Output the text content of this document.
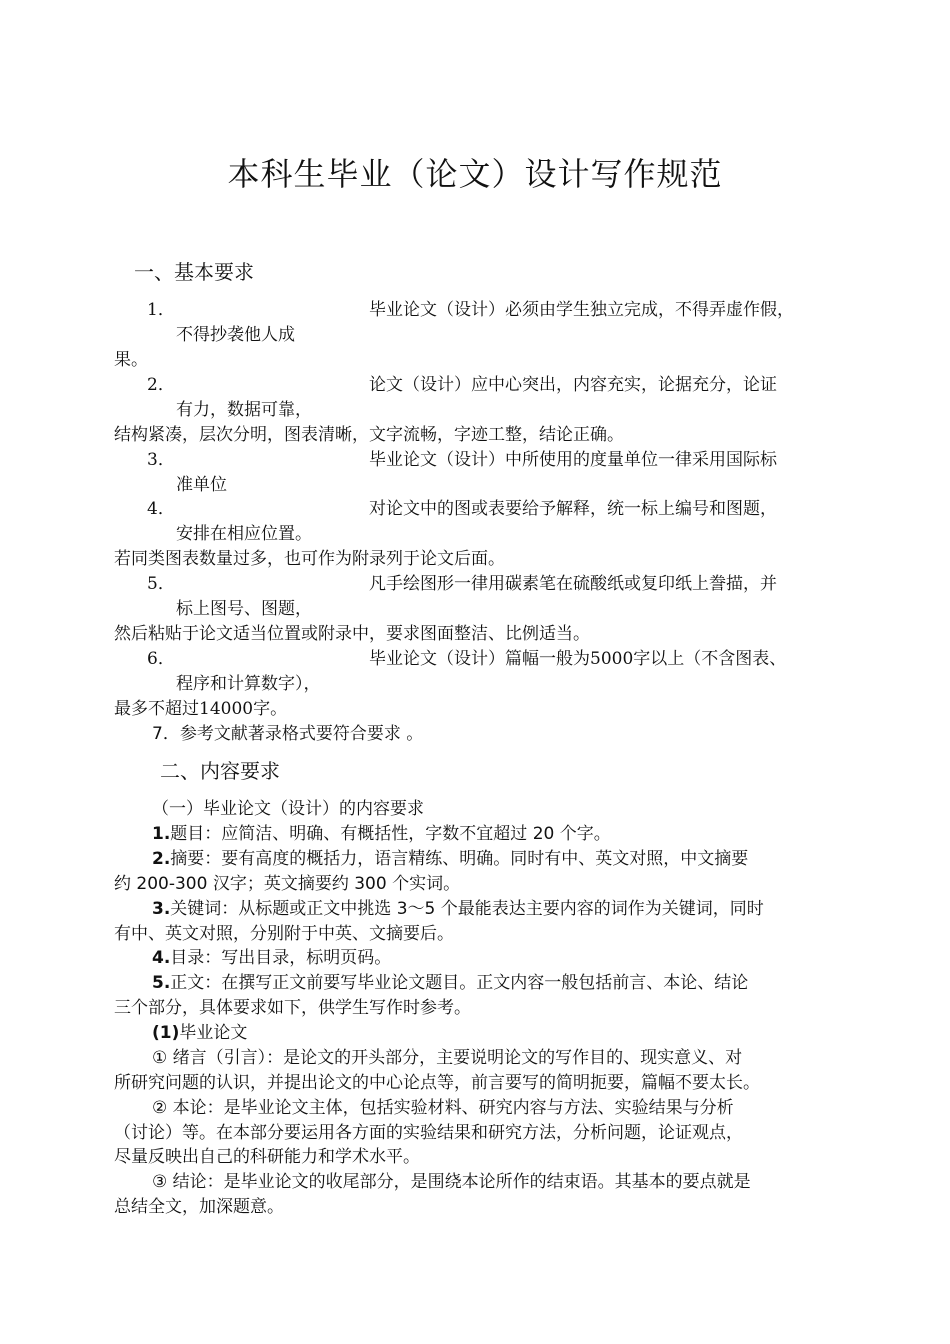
本科生毕业（论文）设计写作规范
一、基本要求
1．	毕业论文（设计）必须由学生独立完成，不得弄虚作假，
不得抄袭他人成
果。
2．	论文（设计）应中心突出，内容充实，论据充分，论证
有力，数据可靠，
结构紧凑，层次分明，图表清晰，文字流畅，字迹工整，结论正确。
3．	毕业论文（设计）中所使用的度量单位一律采用国际标
准单位
4．	对论文中的图或表要给予解释，统一标上编号和图题，
安排在相应位置。
若同类图表数量过多，也可作为附录列于论文后面。
5．	凡手绘图形一律用碳素笔在硫酸纸或复印纸上誊描，并
标上图号、图题，
然后粘贴于论文适当位置或附录中，要求图面整洁、比例适当。
6．	毕业论文（设计）篇幅一般为5000字以上（不含图表、
程序和计算数字），
最多不超过14000字。
7．参考文献著录格式要符合要求 。
二、内容要求
（一）毕业论文（设计）的内容要求
1.题目：应简洁、明确、有概括性，字数不宜超过 20 个字。
2.摘要：要有高度的概括力，语言精练、明确。同时有中、英文对照，中文摘要
约 200-300 汉字；英文摘要约 300 个实词。
3.关键词：从标题或正文中挑选 3～5 个最能表达主要内容的词作为关键词，同时
有中、英文对照，分别附于中英、文摘要后。
4.目录：写出目录，标明页码。
5.正文：在撰写正文前要写毕业论文题目。正文内容一般包括前言、本论、结论
三个部分，具体要求如下，供学生写作时参考。
(1)毕业论文
① 绪言（引言）：是论文的开头部分，主要说明论文的写作目的、现实意义、对
所研究问题的认识，并提出论文的中心论点等，前言要写的简明扼要，篇幅不要太长。
② 本论：是毕业论文主体，包括实验材料、研究内容与方法、实验结果与分析
（讨论）等。在本部分要运用各方面的实验结果和研究方法，分析问题，论证观点，
尽量反映出自己的科研能力和学术水平。
③ 结论：是毕业论文的收尾部分，是围绕本论所作的结束语。其基本的要点就是
总结全文，加深题意。
